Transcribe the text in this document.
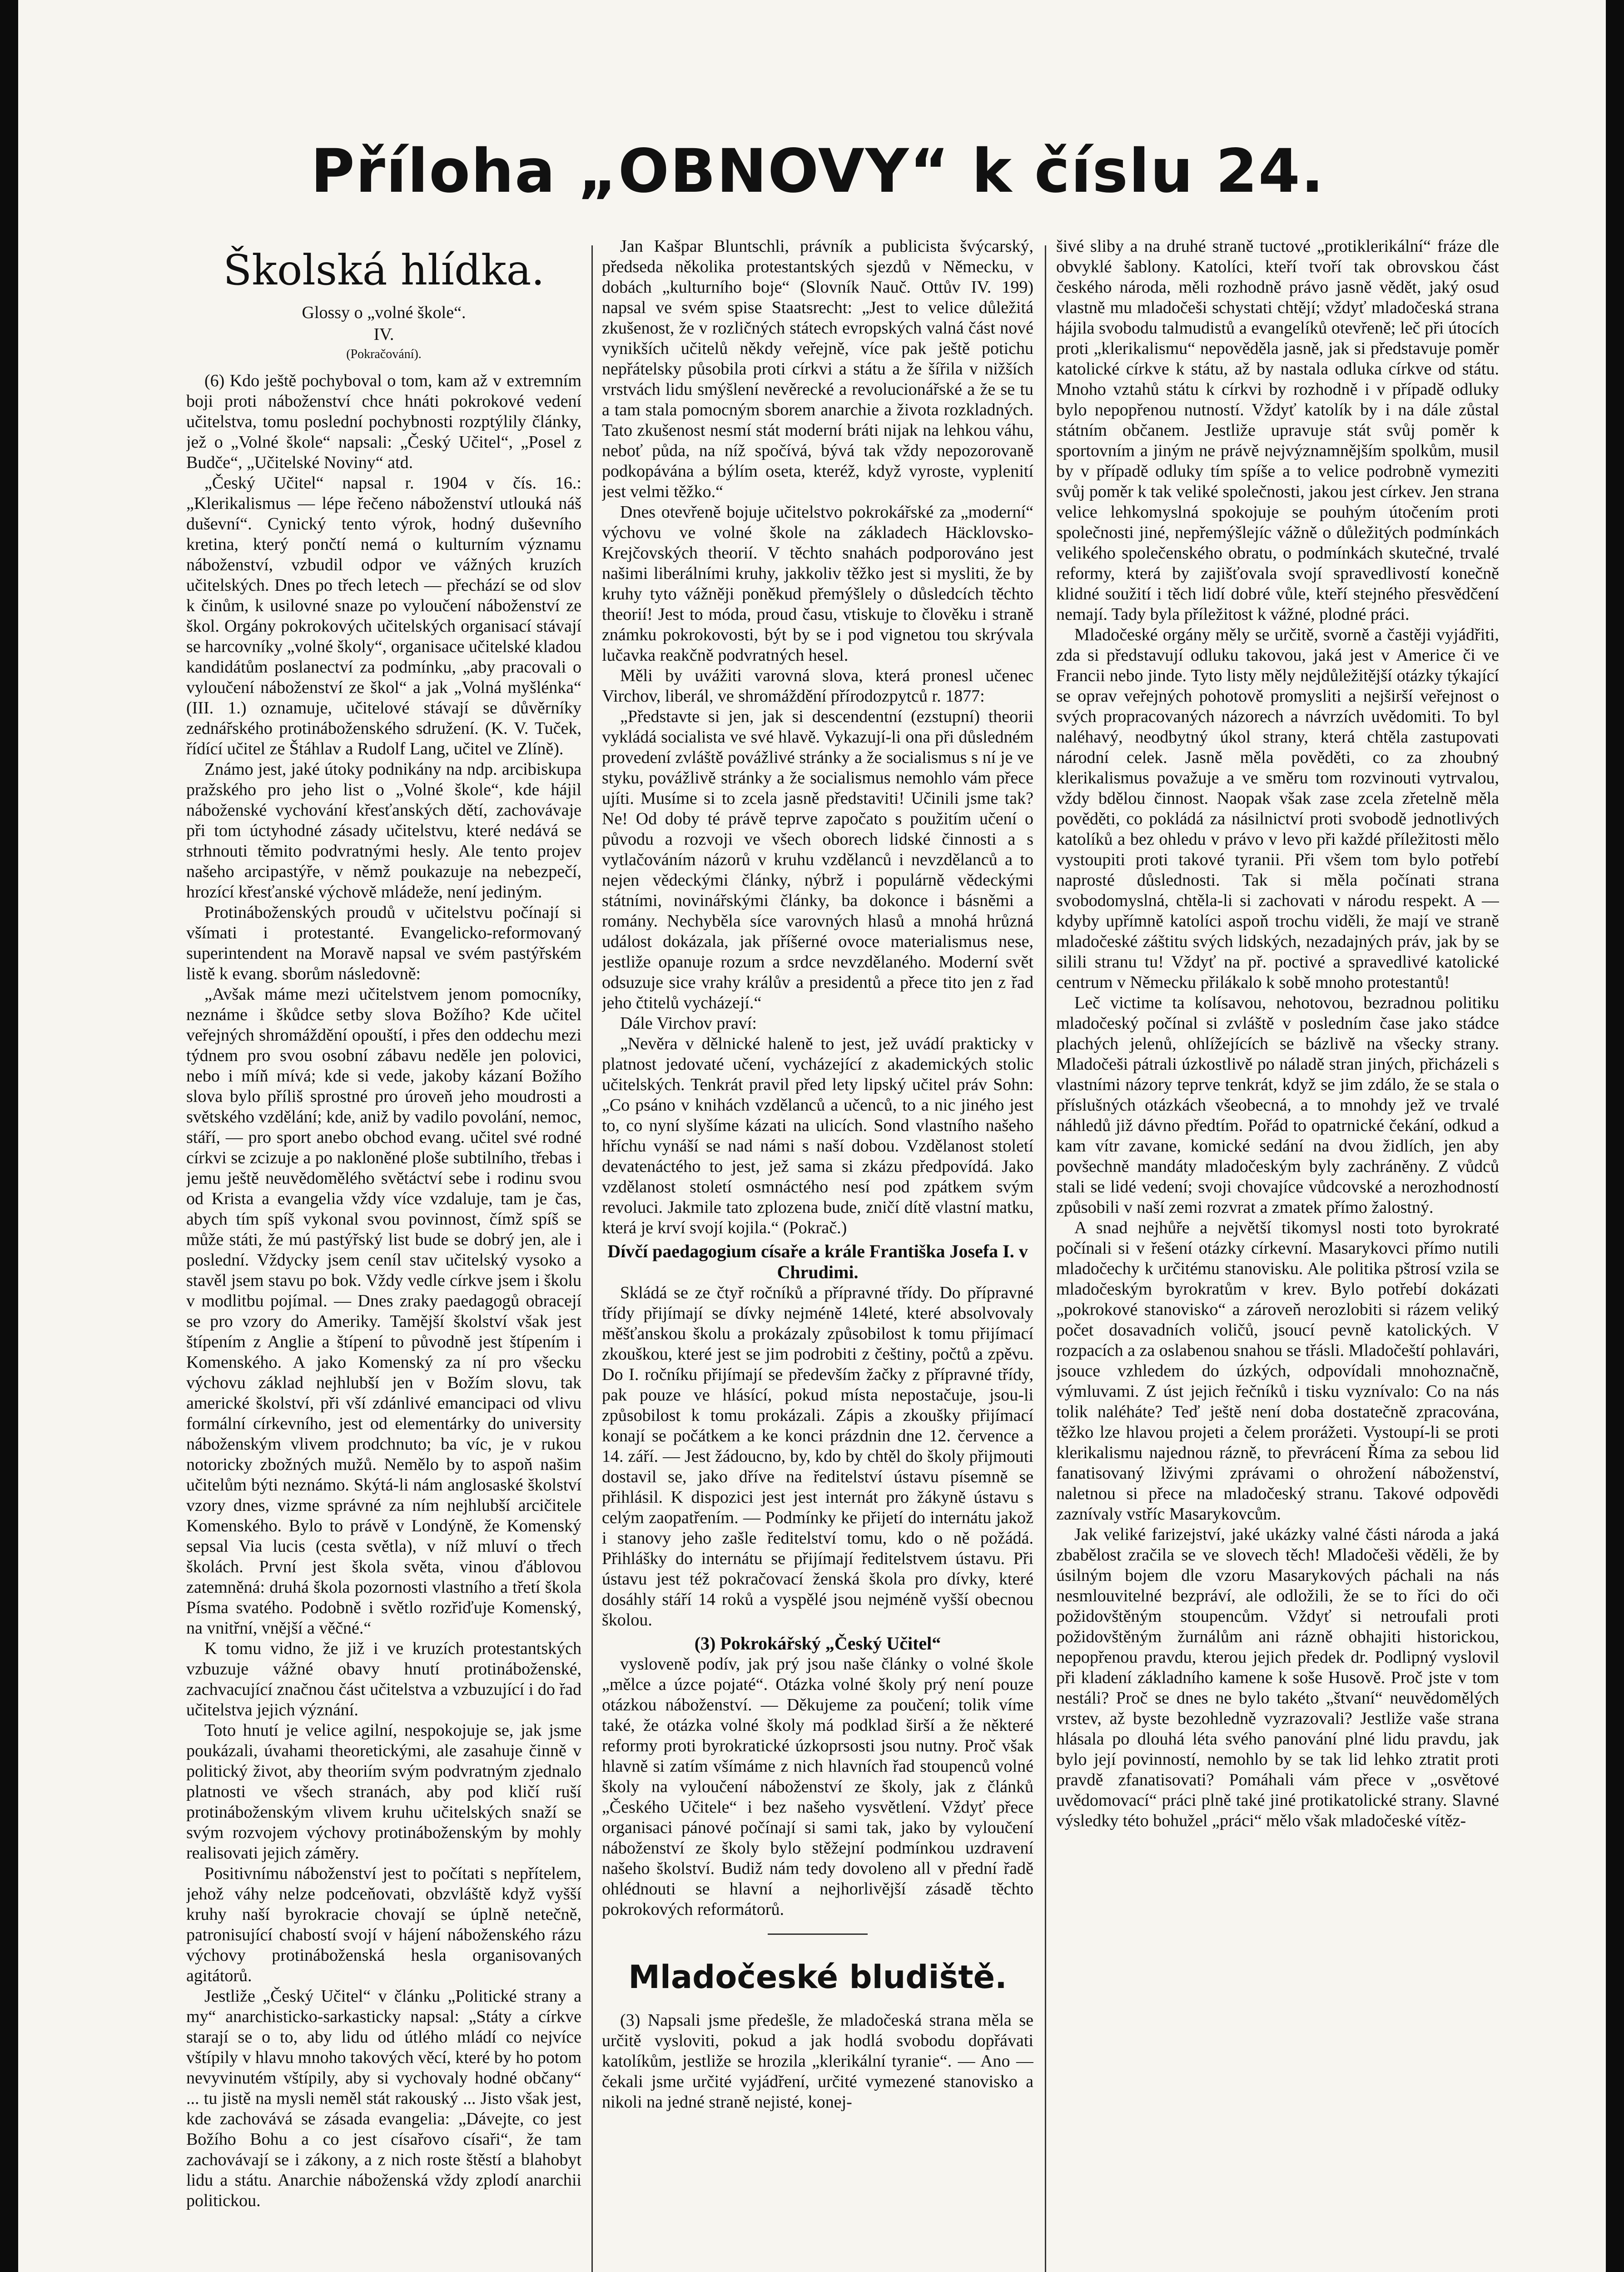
Příloha „OBNOVY“ k číslu 24.
Školská hlídka.
Glossy o „volné škole“.
IV.
(Pokračování).

(6) Kdo ještě pochyboval o tom, kam až v extremním boji proti náboženství chce hnáti pokrokové vedení učitelstva, tomu poslední pochybnosti rozptýlily články, jež o „Volné škole“ napsali: „Český Učitel“, „Posel z Budče“, „Učitelské Noviny“ atd.

„Český Učitel“ napsal r. 1904 v čís. 16.: „Klerikalismus — lépe řečeno náboženství utlouká náš duševní“. Cynický tento výrok, hodný duševního kretina, který pončtí nemá o kulturním významu náboženství, vzbudil odpor ve vážných kruzích učitelských. Dnes po třech letech — přechází se od slov k činům, k usilovné snaze po vyloučení náboženství ze škol. Orgány pokrokových učitelských organisací stávají se harcovníky „volné školy“, organisace učitelské kladou kandidátům poslanectví za podmínku, „aby pracovali o vyloučení náboženství ze škol“ a jak „Volná myšlénka“ (III. 1.) oznamuje, učitelové stávají se důvěrníky zednářského protináboženského sdružení. (K. V. Tuček, řídící učitel ze Štáhlav a Rudolf Lang, učitel ve Zlíně).

Známo jest, jaké útoky podnikány na ndp. arcibiskupa pražského pro jeho list o „Volné škole“, kde hájil náboženské vychování křesťanských dětí, zachovávaje při tom úctyhodné zásady učitelstvu, které nedává se strhnouti těmito podvratnými hesly. Ale tento projev našeho arcipastýře, v němž poukazuje na nebezpečí, hrozící křesťanské výchově mládeže, není jediným.

Protináboženských proudů v učitelstvu počínají si všímati i protestanté. Evangelicko-reformovaný superintendent na Moravě napsal ve svém pastýřském listě k evang. sborům následovně:

„Avšak máme mezi učitelstvem jenom pomocníky, neznáme i škůdce setby slova Božího? Kde učitel veřejných shromáždění opouští, i přes den oddechu mezi týdnem pro svou osobní zábavu neděle jen polovici, nebo i míň mívá; kde si vede, jakoby kázaní Božího slova bylo příliš sprostné pro úroveň jeho moudrosti a světského vzdělání; kde, aniž by vadilo povolání, nemoc, stáří, — pro sport anebo obchod evang. učitel své rodné církvi se zcizuje a po nakloněné ploše subtilního, třebas i jemu ještě neuvědomělého světáctví sebe i rodinu svou od Krista a evangelia vždy více vzdaluje, tam je čas, abych tím spíš vykonal svou povinnost, čímž spíš se může státi, že mú pastýřský list bude se dobrý jen, ale i poslední. Vždycky jsem ceníl stav učitelský vysoko a stavěl jsem stavu po bok. Vždy vedle církve jsem i školu v modlitbu pojímal. — Dnes zraky paedagogů obracejí se pro vzory do Ameriky. Tamější školství však jest štípením z Anglie a štípení to původně jest štípením i Komenského. A jako Komenský za ní pro všecku výchovu základ nejhlubší jen v Božím slovu, tak americké školství, při vší zdánlivé emancipaci od vlivu formální církevního, jest od elementárky do university náboženským vlivem prodchnuto; ba víc, je v rukou notoricky zbožných mužů. Nemělo by to aspoň našim učitelům býti neznámo. Skýtá-li nám anglosaské školství vzory dnes, vizme správné za ním nejhlubší arcičitele Komenského. Bylo to právě v Londýně, že Komenský sepsal Via lucis (cesta světla), v níž mluví o třech školách. První jest škola světa, vinou ďáblovou zatemněná: druhá škola pozornosti vlastního a třetí škola Písma svatého. Podobně i světlo rozřiďuje Komenský, na vnitřní, vnější a věčné.“

K tomu vidno, že již i ve kruzích protestantských vzbuzuje vážné obavy hnutí protináboženské, zachvacující značnou část učitelstva a vzbuzující i do řad učitelstva jejich význání.

Toto hnutí je velice agilní, nespokojuje se, jak jsme poukázali, úvahami theoretickými, ale zasahuje činně v politický život, aby theoriím svým podvratným zjednalo platnosti ve všech stranách, aby pod kličí ruší protináboženským vlivem kruhu učitelských snaží se svým rozvojem výchovy protináboženským by mohly realisovati jejich záměry.

Positivnímu náboženství jest to počítati s nepřítelem, jehož váhy nelze podceňovati, obzvláště když vyšší kruhy naší byrokracie chovají se úplně netečně, patronisující chabostí svojí v hájení náboženského rázu výchovy protináboženská hesla organisovaných agitátorů.

Jestliže „Český Učitel“ v článku „Politické strany a my“ anarchisticko-sarkasticky napsal: „Státy a církve starají se o to, aby lidu od útlého mládí co nejvíce vštípily v hlavu mnoho takových věcí, které by ho potom nevyvinutém vštípily, aby si vychovaly hodné občany“ ... tu jistě na mysli neměl stát rakouský ... Jisto však jest, kde zachovává se zásada evangelia: „Dávejte, co jest Božího Bohu a co jest císařovo císaři“, že tam zachovávají se i zákony, a z nich roste štěstí a blahobyt lidu a státu. Anarchie náboženská vždy zplodí anarchii politickou.

Jan Kašpar Bluntschli, právník a publicista švýcarský, předseda několika protestantských sjezdů v Německu, v dobách „kulturního boje“ (Slovník Nauč. Ottův IV. 199) napsal ve svém spise Staatsrecht: „Jest to velice důležitá zkušenost, že v rozličných státech evropských valná část nové vynikších učitelů někdy veřejně, více pak ještě potichu nepřátelsky působila proti církvi a státu a že šířila v nižších vrstvách lidu smýšlení nevěrecké a revolucionářské a že se tu a tam stala pomocným sborem anarchie a života rozkladných. Tato zkušenost nesmí stát moderní bráti nijak na lehkou váhu, neboť půda, na níž spočívá, bývá tak vždy nepozorovaně podkopávána a býlím oseta, kteréž, když vyroste, vyplenití jest velmi těžko.“

Dnes otevřeně bojuje učitelstvo pokrokářské za „moderní“ výchovu ve volné škole na základech Häcklovsko-Krejčovských theorií. V těchto snahách podporováno jest našimi liberálními kruhy, jakkoliv těžko jest si mysliti, že by kruhy tyto vážněji poněkud přemýšlely o důsledcích těchto theorií! Jest to móda, proud času, vtiskuje to člověku i straně známku pokrokovosti, být by se i pod vignetou tou skrývala lučavka reakčně podvratných hesel.

Měli by uvážiti varovná slova, která pronesl učenec Virchov, liberál, ve shromáždění přírodozpytců r. 1877:

„Představte si jen, jak si descendentní (ezstupní) theorii vykládá socialista ve své hlavě. Vykazují-li ona při důsledném provedení zvláště povážlivé stránky a že socialismus s ní je ve styku, povážlivě stránky a že socialismus nemohlo vám přece ujíti. Musíme si to zcela jasně představiti! Učinili jsme tak? Ne! Od doby té právě teprve započato s použitím učení o původu a rozvoji ve všech oborech lidské činnosti a s vytlačováním názorů v kruhu vzdělanců i nevzdělanců a to nejen vědeckými články, nýbrž i populárně vědeckými státními, novinářskými články, ba dokonce i básněmi a romány. Nechyběla síce varovných hlasů a mnohá hrůzná událost dokázala, jak příšerné ovoce materialismus nese, jestliže opanuje rozum a srdce nevzdělaného. Moderní svět odsuzuje sice vrahy králův a presidentů a přece tito jen z řad jeho čtitelů vycházejí.“

Dále Virchov praví:

„Nevěra v dělnické haleně to jest, jež uvádí prakticky v platnost jedovaté učení, vycházející z akademických stolic učitelských. Tenkrát pravil před lety lipský učitel práv Sohn: „Co psáno v knihách vzdělanců a učenců, to a nic jiného jest to, co nyní slyšíme kázati na ulicích. Sond vlastního našeho hříchu vynáší se nad námi s naší dobou. Vzdělanost století devatenáctého to jest, jež sama si zkázu předpovídá. Jako vzdělanost století osmnáctého nesí pod zpátkem svým revoluci. Jakmile tato zplozena bude, zničí dítě vlastní matku, která je krví svojí kojila.“ (Pokrač.)

Dívčí paedagogium císaře a krále Františka Josefa I. v Chrudimi.

Skládá se ze čtyř ročníků a přípravné třídy. Do přípravné třídy přijímají se dívky nejméně 14leté, které absolvovaly měšťanskou školu a prokázaly způsobilost k tomu přijímací zkouškou, které jest se jim podrobiti z češtiny, počtů a zpěvu. Do I. ročníku přijímají se především žačky z přípravné třídy, pak pouze ve hlásící, pokud místa nepostačuje, jsou-li způsobilost k tomu prokázali. Zápis a zkoušky přijímací konají se počátkem a ke konci prázdnin dne 12. července a 14. září. — Jest žádoucno, by, kdo by chtěl do školy přijmouti dostavil se, jako dříve na ředitelství ústavu písemně se přihlásil. K dispozici jest jest internát pro žákyně ústavu s celým zaopatřením. — Podmínky ke přijetí do internátu jakož i stanovy jeho zašle ředitelství tomu, kdo o ně požádá. Přihlášky do internátu se přijímají ředitelstvem ústavu. Při ústavu jest též pokračovací ženská škola pro dívky, které dosáhly stáří 14 roků a vyspělé jsou nejméně vyšší obecnou školou.

(3) Pokrokářský „Český Učitel“

vysloveně podív, jak prý jsou naše články o volné škole „mělce a úzce pojaté“. Otázka volné školy prý není pouze otázkou náboženství. — Děkujeme za poučení; tolik víme také, že otázka volné školy má podklad širší a že některé reformy proti byrokratické úzkoprsosti jsou nutny. Proč však hlavně si zatím všímáme z nich hlavních řad stoupenců volné školy na vyloučení náboženství ze školy, jak z článků „Českého Učitele“ i bez našeho vysvětlení. Vždyť přece organisaci pánové počínají si sami tak, jako by vyloučení náboženství ze školy bylo stěžejní podmínkou uzdravení našeho školství. Budiž nám tedy dovoleno all v přední řadě ohlédnouti se hlavní a nejhorlivější zásadě těchto pokrokových reformátorů.

Mladočeské bludiště.

(3) Napsali jsme předešle, že mladočeská strana měla se určitě vysloviti, pokud a jak hodlá svobodu dopřávati katolíkům, jestliže se hrozila „klerikální tyranie“. — Ano — čekali jsme určité vyjádření, určité vymezené stanovisko a nikoli na jedné straně nejisté, konej-

šivé sliby a na druhé straně tuctové „protiklerikální“ fráze dle obvyklé šablony. Katolíci, kteří tvoří tak obrovskou část českého národa, měli rozhodně právo jasně vědět, jaký osud vlastně mu mladočeši schystati chtějí; vždyť mladočeská strana hájila svobodu talmudistů a evangelíků otevřeně; leč při útocích proti „klerikalismu“ nepověděla jasně, jak si představuje poměr katolické církve k státu, až by nastala odluka církve od státu. Mnoho vztahů státu k církvi by rozhodně i v případě odluky bylo nepopřenou nutností. Vždyť katolík by i na dále zůstal státním občanem. Jestliže upravuje stát svůj poměr k sportovním a jiným ne právě nejvýznamnějším spolkům, musil by v případě odluky tím spíše a to velice podrobně vymeziti svůj poměr k tak veliké společnosti, jakou jest církev. Jen strana velice lehkomyslná spokojuje se pouhým útočením proti společnosti jiné, nepřemýšlejíc vážně o důležitých podmínkách velikého společenského obratu, o podmínkách skutečné, trvalé reformy, která by zajišťovala svojí spravedlivostí konečně klidné soužití i těch lidí dobré vůle, kteří stejného přesvědčení nemají. Tady byla příležitost k vážné, plodné práci.

Mladočeské orgány měly se určitě, svorně a častěji vyjádřiti, zda si představují odluku takovou, jaká jest v Americe či ve Francii nebo jinde. Tyto listy měly nejdůležitější otázky týkající se oprav veřejných pohotově promysliti a nejširší veřejnost o svých propracovaných názorech a návrzích uvědomiti. To byl naléhavý, neodbytný úkol strany, která chtěla zastupovati národní celek. Jasně měla pověděti, co za zhoubný klerikalismus považuje a ve směru tom rozvinouti vytrvalou, vždy bdělou činnost. Naopak však zase zcela zřetelně měla pověděti, co pokládá za násilnictví proti svobodě jednotlivých katolíků a bez ohledu v právo v levo při každé příležitosti mělo vystoupiti proti takové tyranii. Při všem tom bylo potřebí naprosté důslednosti. Tak si měla počínati strana svobodomyslná, chtěla-li si zachovati v národu respekt. A — kdyby upřímně katolíci aspoň trochu viděli, že mají ve straně mladočeské záštitu svých lidských, nezadajných práv, jak by se silili stranu tu! Vždyť na př. poctivé a spravedlivé katolické centrum v Německu přilákalo k sobě mnoho protestantů!

Leč victime ta kolísavou, nehotovou, bezradnou politiku mladočeský počínal si zvláště v posledním čase jako stádce plachých jelenů, ohlížejících se bázlivě na všecky strany. Mladočeši pátrali úzkostlivě po náladě stran jiných, přicházeli s vlastními názory teprve tenkrát, když se jim zdálo, že se stala o příslušných otázkách všeobecná, a to mnohdy jež ve trvalé náhledů již dávno předtím. Pořád to opatrnické čekání, odkud a kam vítr zavane, komické sedání na dvou židlích, jen aby povšechně mandáty mladočeským byly zachráněny. Z vůdců stali se lidé vedení; svoji chovajíce vůdcovské a nerozhodností způsobili v naší zemi rozvrat a zmatek přímo žalostný.

A snad nejhůře a největší tikomysl nosti toto byrokraté počínali si v řešení otázky církevní. Masarykovci přímo nutili mladočechy k určitému stanovisku. Ale politika pštrosí vzila se mladočeským byrokratům v krev. Bylo potřebí dokázati „pokrokové stanovisko“ a zároveň nerozlobiti si rázem veliký počet dosavadních voličů, jsoucí pevně katolických. V rozpacích a za oslabenou snahou se třásli. Mladočeští pohlavári, jsouce vzhledem do úzkých, odpovídali mnohoznačně, výmluvami. Z úst jejich řečníků i tisku vyznívalo: Co na nás tolik naléháte? Teď ještě není doba dostatečně zpracována, těžko lze hlavou projeti a čelem prorážeti. Vystoupí-li se proti klerikalismu najednou rázně, to převrácení Říma za sebou lid fanatisovaný lživými zprávami o ohrožení náboženství, naletnou si přece na mladočeský stranu. Takové odpovědi zaznívaly vstříc Masarykovcům.

Jak veliké farizejství, jaké ukázky valné části národa a jaká zbabělost zračila se ve slovech těch! Mladočeši věděli, že by úsilným bojem dle vzoru Masarykových páchali na nás nesmlouvitelné bezpráví, ale odložili, že se to říci do oči požidovštěným stoupencům. Vždyť si netroufali proti požidovštěným žurnálům ani rázně obhajiti historickou, nepopřenou pravdu, kterou jejich předek dr. Podlipný vyslovil při kladení základního kamene k soše Husově. Proč jste v tom nestáli? Proč se dnes ne bylo takéto „štvaní“ neuvědomělých vrstev, až byste bezohledně vyzrazovali? Jestliže vaše strana hlásala po dlouhá léta svého panování plné lidu pravdu, jak bylo její povinností, nemohlo by se tak lid lehko ztratit proti pravdě zfanatisovati? Pomáhali vám přece v „osvětové uvědomovací“ práci plně také jiné protikatolické strany. Slavné výsledky této bohužel „práci“ mělo však mladočeské vítěz-
